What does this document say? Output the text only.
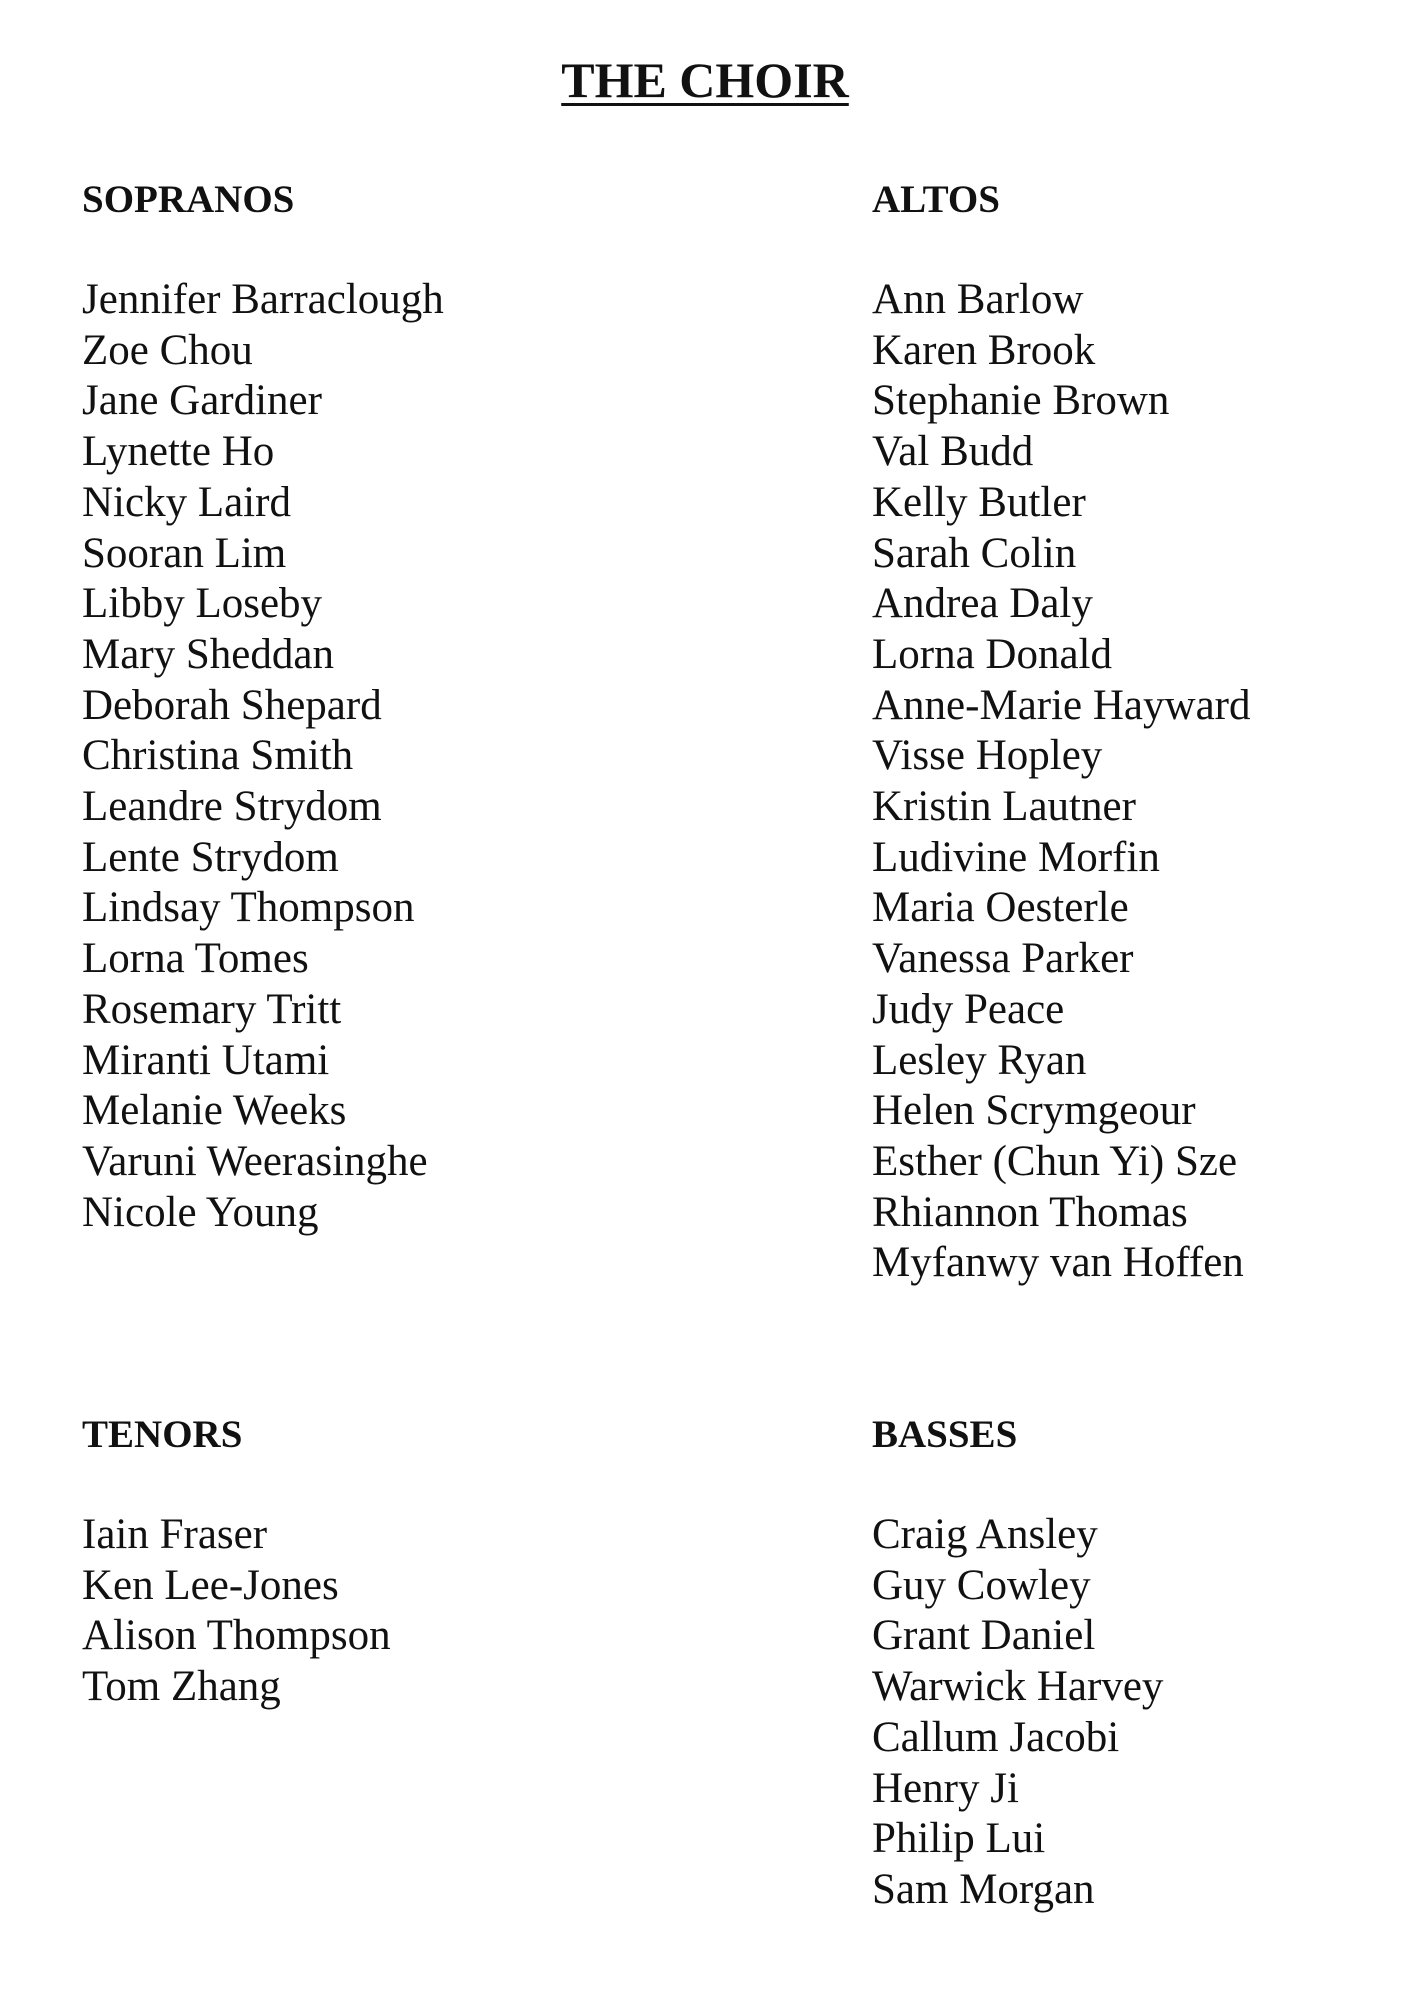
THE CHOIR
SOPRANOS
Jennifer Barraclough
Zoe Chou
Jane Gardiner
Lynette Ho
Nicky Laird
Sooran Lim
Libby Loseby
Mary Sheddan
Deborah Shepard
Christina Smith
Leandre Strydom
Lente Strydom
Lindsay Thompson
Lorna Tomes
Rosemary Tritt
Miranti Utami
Melanie Weeks
Varuni Weerasinghe
Nicole Young
ALTOS
Ann Barlow
Karen Brook
Stephanie Brown
Val Budd
Kelly Butler
Sarah Colin
Andrea Daly
Lorna Donald
Anne-Marie Hayward
Visse Hopley
Kristin Lautner
Ludivine Morfin
Maria Oesterle
Vanessa Parker
Judy Peace
Lesley Ryan
Helen Scrymgeour
Esther (Chun Yi) Sze
Rhiannon Thomas
Myfanwy van Hoffen
TENORS
Iain Fraser
Ken Lee-Jones
Alison Thompson
Tom Zhang
BASSES
Craig Ansley
Guy Cowley
Grant Daniel
Warwick Harvey
Callum Jacobi
Henry Ji
Philip Lui
Sam Morgan
